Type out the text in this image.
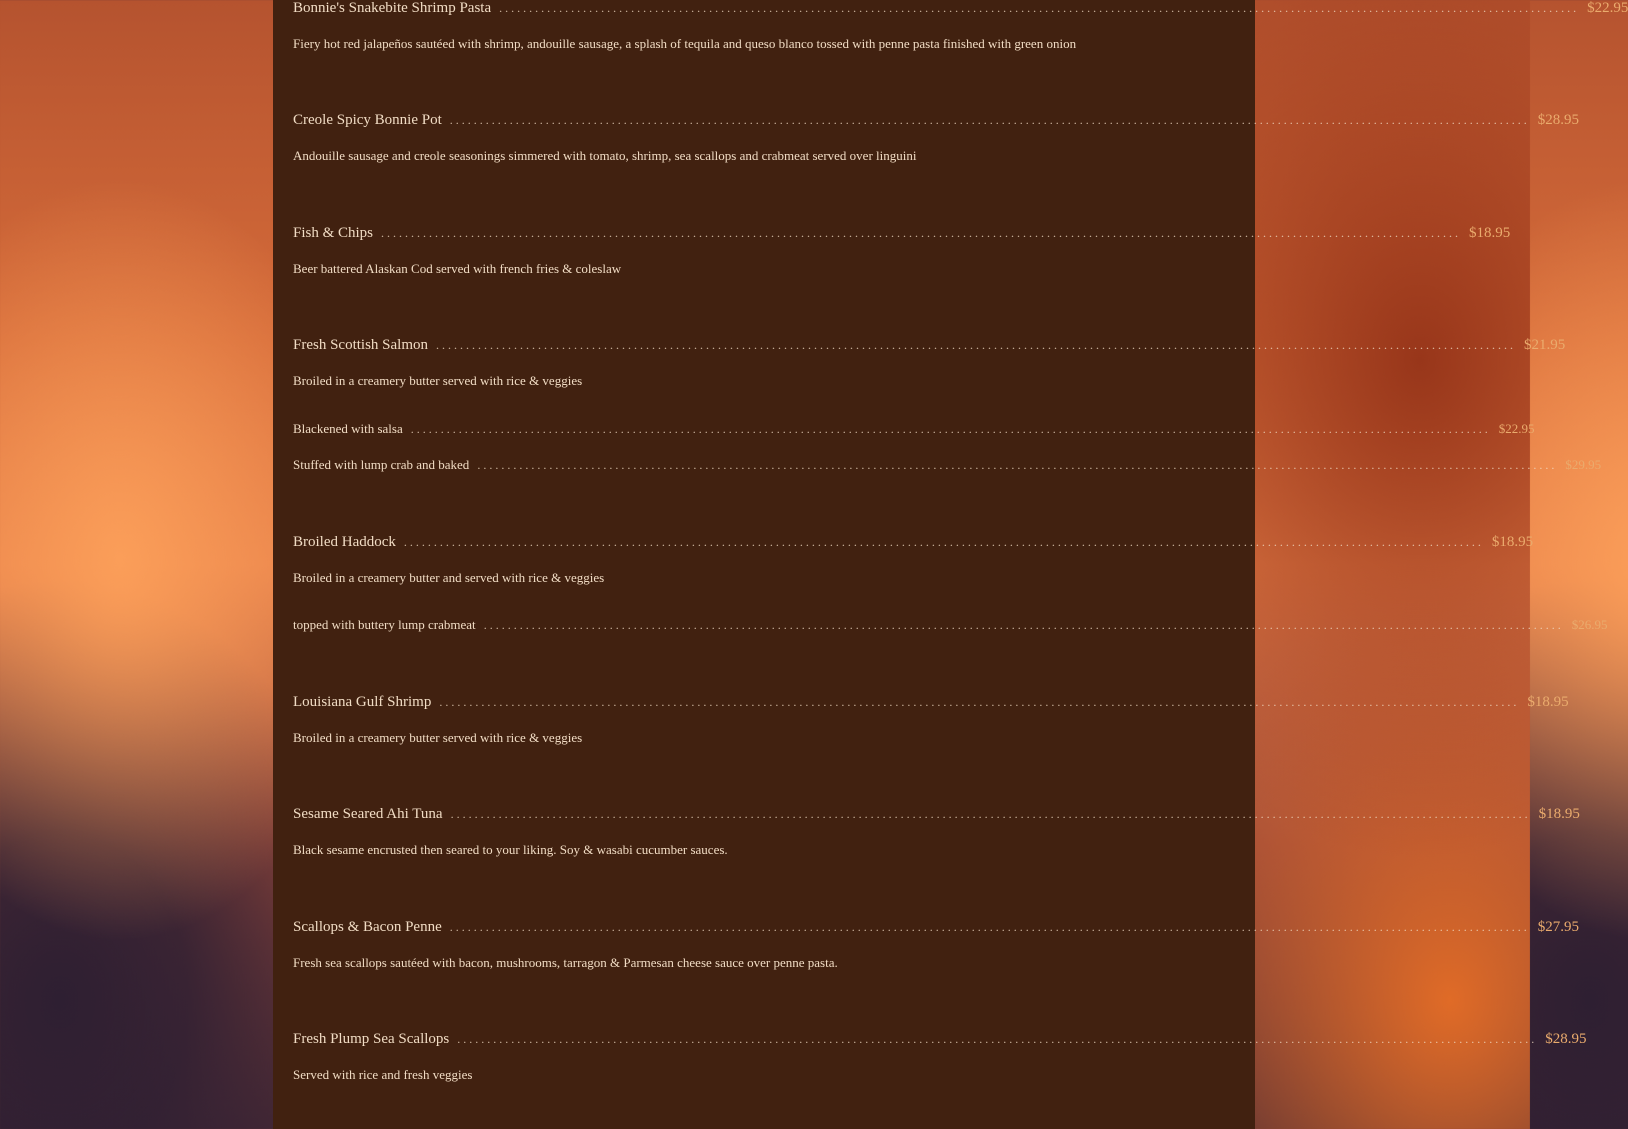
Bonnie's Snakebite Shrimp Pasta .................................................................................................................................................................................... $22.95
Fiery hot red jalapeños sautéed with shrimp, andouille sausage, a splash of tequila and queso blanco tossed with penne pasta finished with green onion
Creole Spicy Bonnie Pot .................................................................................................................................................................................... $28.95
Andouille sausage and creole seasonings simmered with tomato, shrimp, sea scallops and crabmeat served over linguini
Fish & Chips .................................................................................................................................................................................... $18.95
Beer battered Alaskan Cod served with french fries & coleslaw
Fresh Scottish Salmon .................................................................................................................................................................................... $21.95
Broiled in a creamery butter served with rice & veggies
Blackened with salsa .................................................................................................................................................................................... $22.95
Stuffed with lump crab and baked .................................................................................................................................................................................... $29.95
Broiled Haddock .................................................................................................................................................................................... $18.95
Broiled in a creamery butter and served with rice & veggies
topped with buttery lump crabmeat .................................................................................................................................................................................... $26.95
Louisiana Gulf Shrimp .................................................................................................................................................................................... $18.95
Broiled in a creamery butter served with rice & veggies
Sesame Seared Ahi Tuna .................................................................................................................................................................................... $18.95
Black sesame encrusted then seared to your liking. Soy & wasabi cucumber sauces.
Scallops & Bacon Penne .................................................................................................................................................................................... $27.95
Fresh sea scallops sautéed with bacon, mushrooms, tarragon & Parmesan cheese sauce over penne pasta.
Fresh Plump Sea Scallops .................................................................................................................................................................................... $28.95
Served with rice and fresh veggies
